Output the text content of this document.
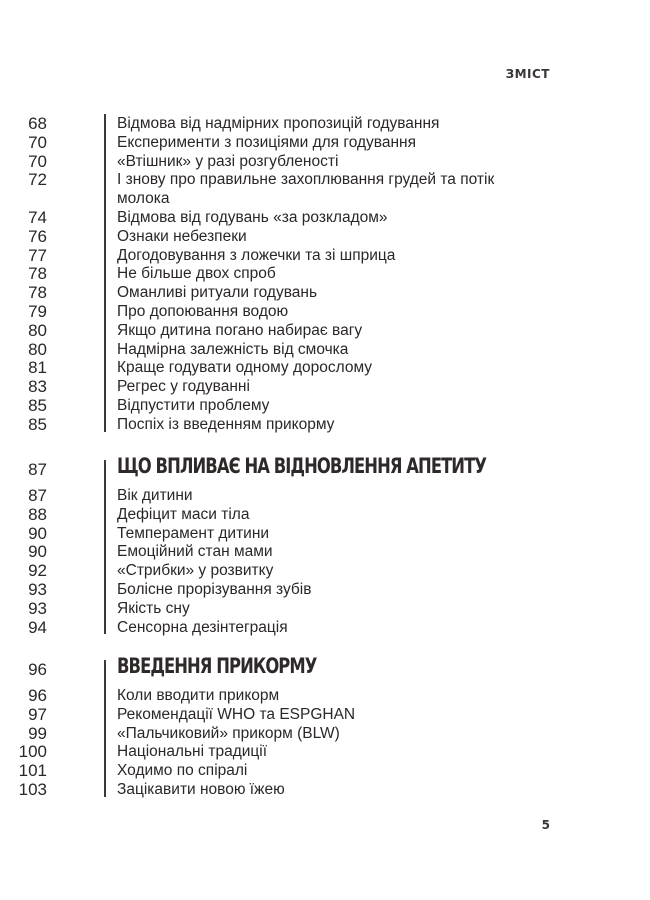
ЗМІСТ
68	Відмова від надмірних пропозицій годування
70	Експерименти з позиціями для годування
70	«Втішник» у разі розгубленості
72	І знову про правильне захоплювання грудей та потік молока
74	Відмова від годувань «за розкладом»
76	Ознаки небезпеки
77	Догодовування з ложечки та зі шприца
78	Не більше двох спроб
78	Оманливі ритуали годувань
79	Про допоювання водою
80	Якщо дитина погано набирає вагу
80	Надмірна залежність від смочка
81	Краще годувати одному дорослому
83	Регрес у годуванні
85	Відпустити проблему
85	Поспіх із введенням прикорму
87	ЩО ВПЛИВАЄ НА ВІДНОВЛЕННЯ АПЕТИТУ
87	Вік дитини
88	Дефіцит маси тіла
90	Темперамент дитини
90	Емоційний стан мами
92	«Стрибки» у розвитку
93	Болісне прорізування зубів
93	Якість сну
94	Сенсорна дезінтеграція
96	ВВЕДЕННЯ ПРИКОРМУ
96	Коли вводити прикорм
97	Рекомендації WHO та ESPGHAN
99	«Пальчиковий» прикорм (BLW)
100	Національні традиції
101	Ходимо по спіралі
103	Зацікавити новою їжею
5
